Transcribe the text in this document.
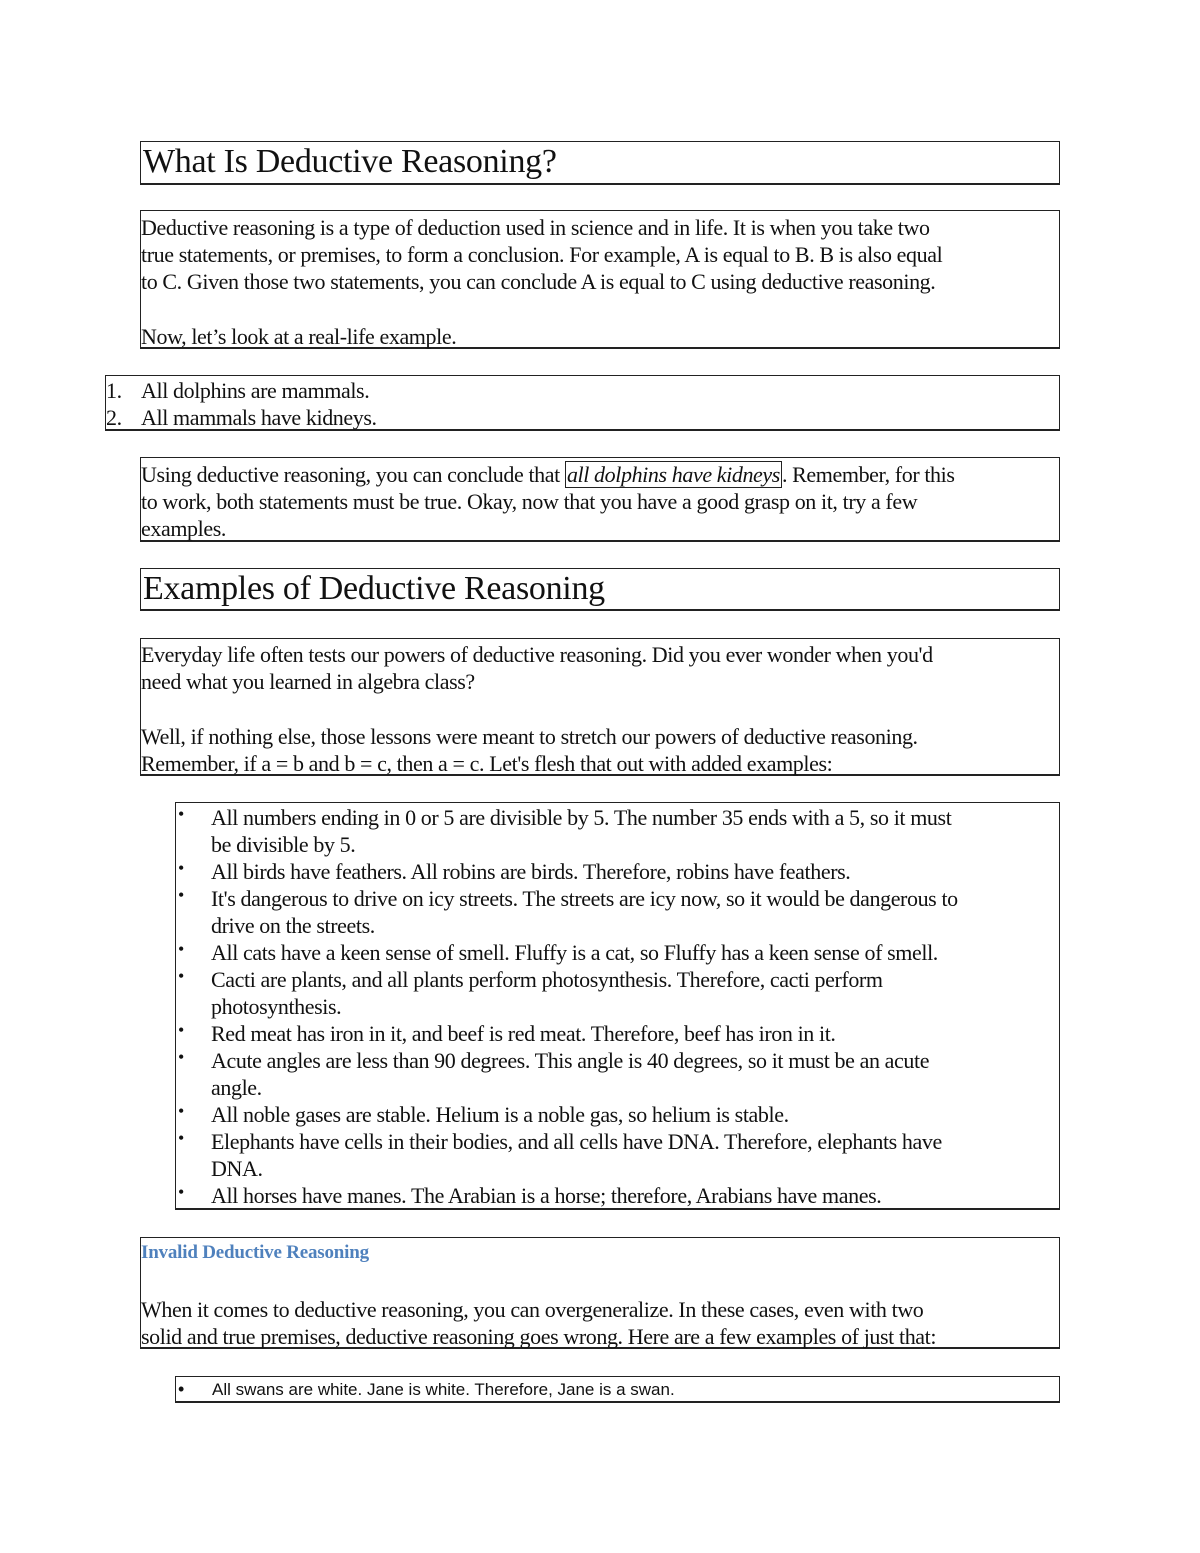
What Is Deductive Reasoning?
Deductive reasoning is a type of deduction used in science and in life. It is when you take two
true statements, or premises, to form a conclusion. For example, A is equal to B. B is also equal
to C. Given those two statements, you can conclude A is equal to C using deductive reasoning.
Now, let’s look at a real-life example.
1. All dolphins are mammals.
2. All mammals have kidneys.
Using deductive reasoning, you can conclude that all dolphins have kidneys. Remember, for this
to work, both statements must be true. Okay, now that you have a good grasp on it, try a few
examples.
Examples of Deductive Reasoning
Everyday life often tests our powers of deductive reasoning. Did you ever wonder when you'd
need what you learned in algebra class?
Well, if nothing else, those lessons were meant to stretch our powers of deductive reasoning.
Remember, if a = b and b = c, then a = c. Let's flesh that out with added examples:
•	All numbers ending in 0 or 5 are divisible by 5. The number 35 ends with a 5, so it must
be divisible by 5.
•	All birds have feathers. All robins are birds. Therefore, robins have feathers.
•	It's dangerous to drive on icy streets. The streets are icy now, so it would be dangerous to
drive on the streets.
•	All cats have a keen sense of smell. Fluffy is a cat, so Fluffy has a keen sense of smell.
•	Cacti are plants, and all plants perform photosynthesis. Therefore, cacti perform
photosynthesis.
•	Red meat has iron in it, and beef is red meat. Therefore, beef has iron in it.
•	Acute angles are less than 90 degrees. This angle is 40 degrees, so it must be an acute
angle.
•	All noble gases are stable. Helium is a noble gas, so helium is stable.
•	Elephants have cells in their bodies, and all cells have DNA. Therefore, elephants have
DNA.
•	All horses have manes. The Arabian is a horse; therefore, Arabians have manes.
Invalid Deductive Reasoning
When it comes to deductive reasoning, you can overgeneralize. In these cases, even with two
solid and true premises, deductive reasoning goes wrong. Here are a few examples of just that:
• All swans are white. Jane is white. Therefore, Jane is a swan.
